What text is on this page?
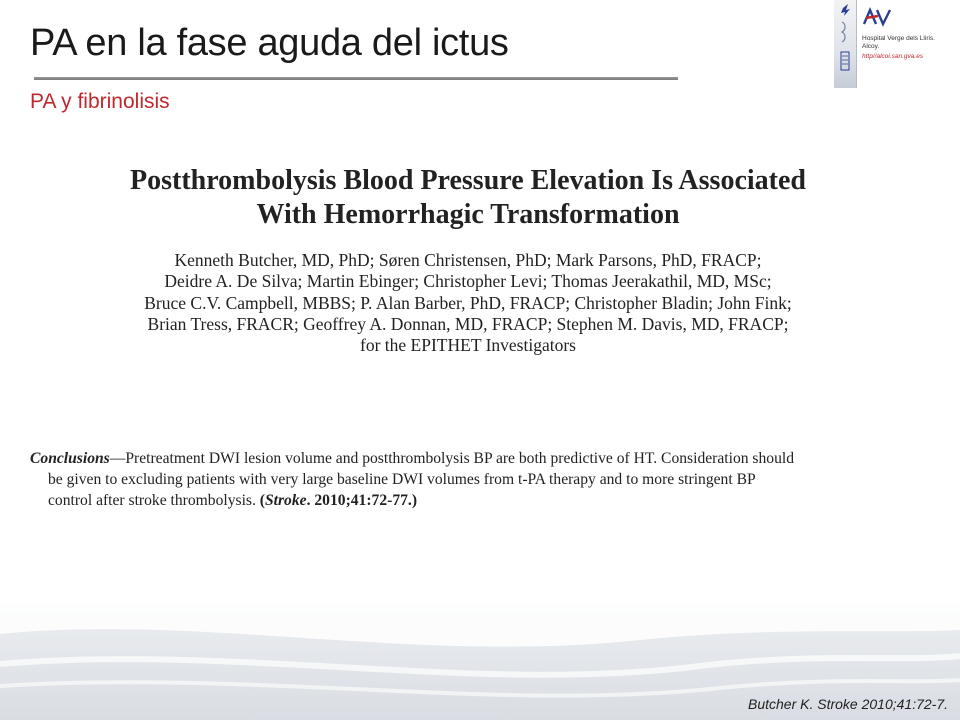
PA en la fase aguda del ictus
PA y fibrinolisis
Hospital Verge dels Lliris.
Alcoy.
http//alcoi.san.gva.es
Postthrombolysis Blood Pressure Elevation Is Associated
With Hemorrhagic Transformation
Kenneth Butcher, MD, PhD; Søren Christensen, PhD; Mark Parsons, PhD, FRACP;
Deidre A. De Silva; Martin Ebinger; Christopher Levi; Thomas Jeerakathil, MD, MSc;
Bruce C.V. Campbell, MBBS; P. Alan Barber, PhD, FRACP; Christopher Bladin; John Fink;
Brian Tress, FRACR; Geoffrey A. Donnan, MD, FRACP; Stephen M. Davis, MD, FRACP;
for the EPITHET Investigators
Conclusions—Pretreatment DWI lesion volume and postthrombolysis BP are both predictive of HT. Consideration should
be given to excluding patients with very large baseline DWI volumes from t-PA therapy and to more stringent BP
control after stroke thrombolysis. (Stroke. 2010;41:72-77.)
Butcher K. Stroke 2010;41:72-7.
